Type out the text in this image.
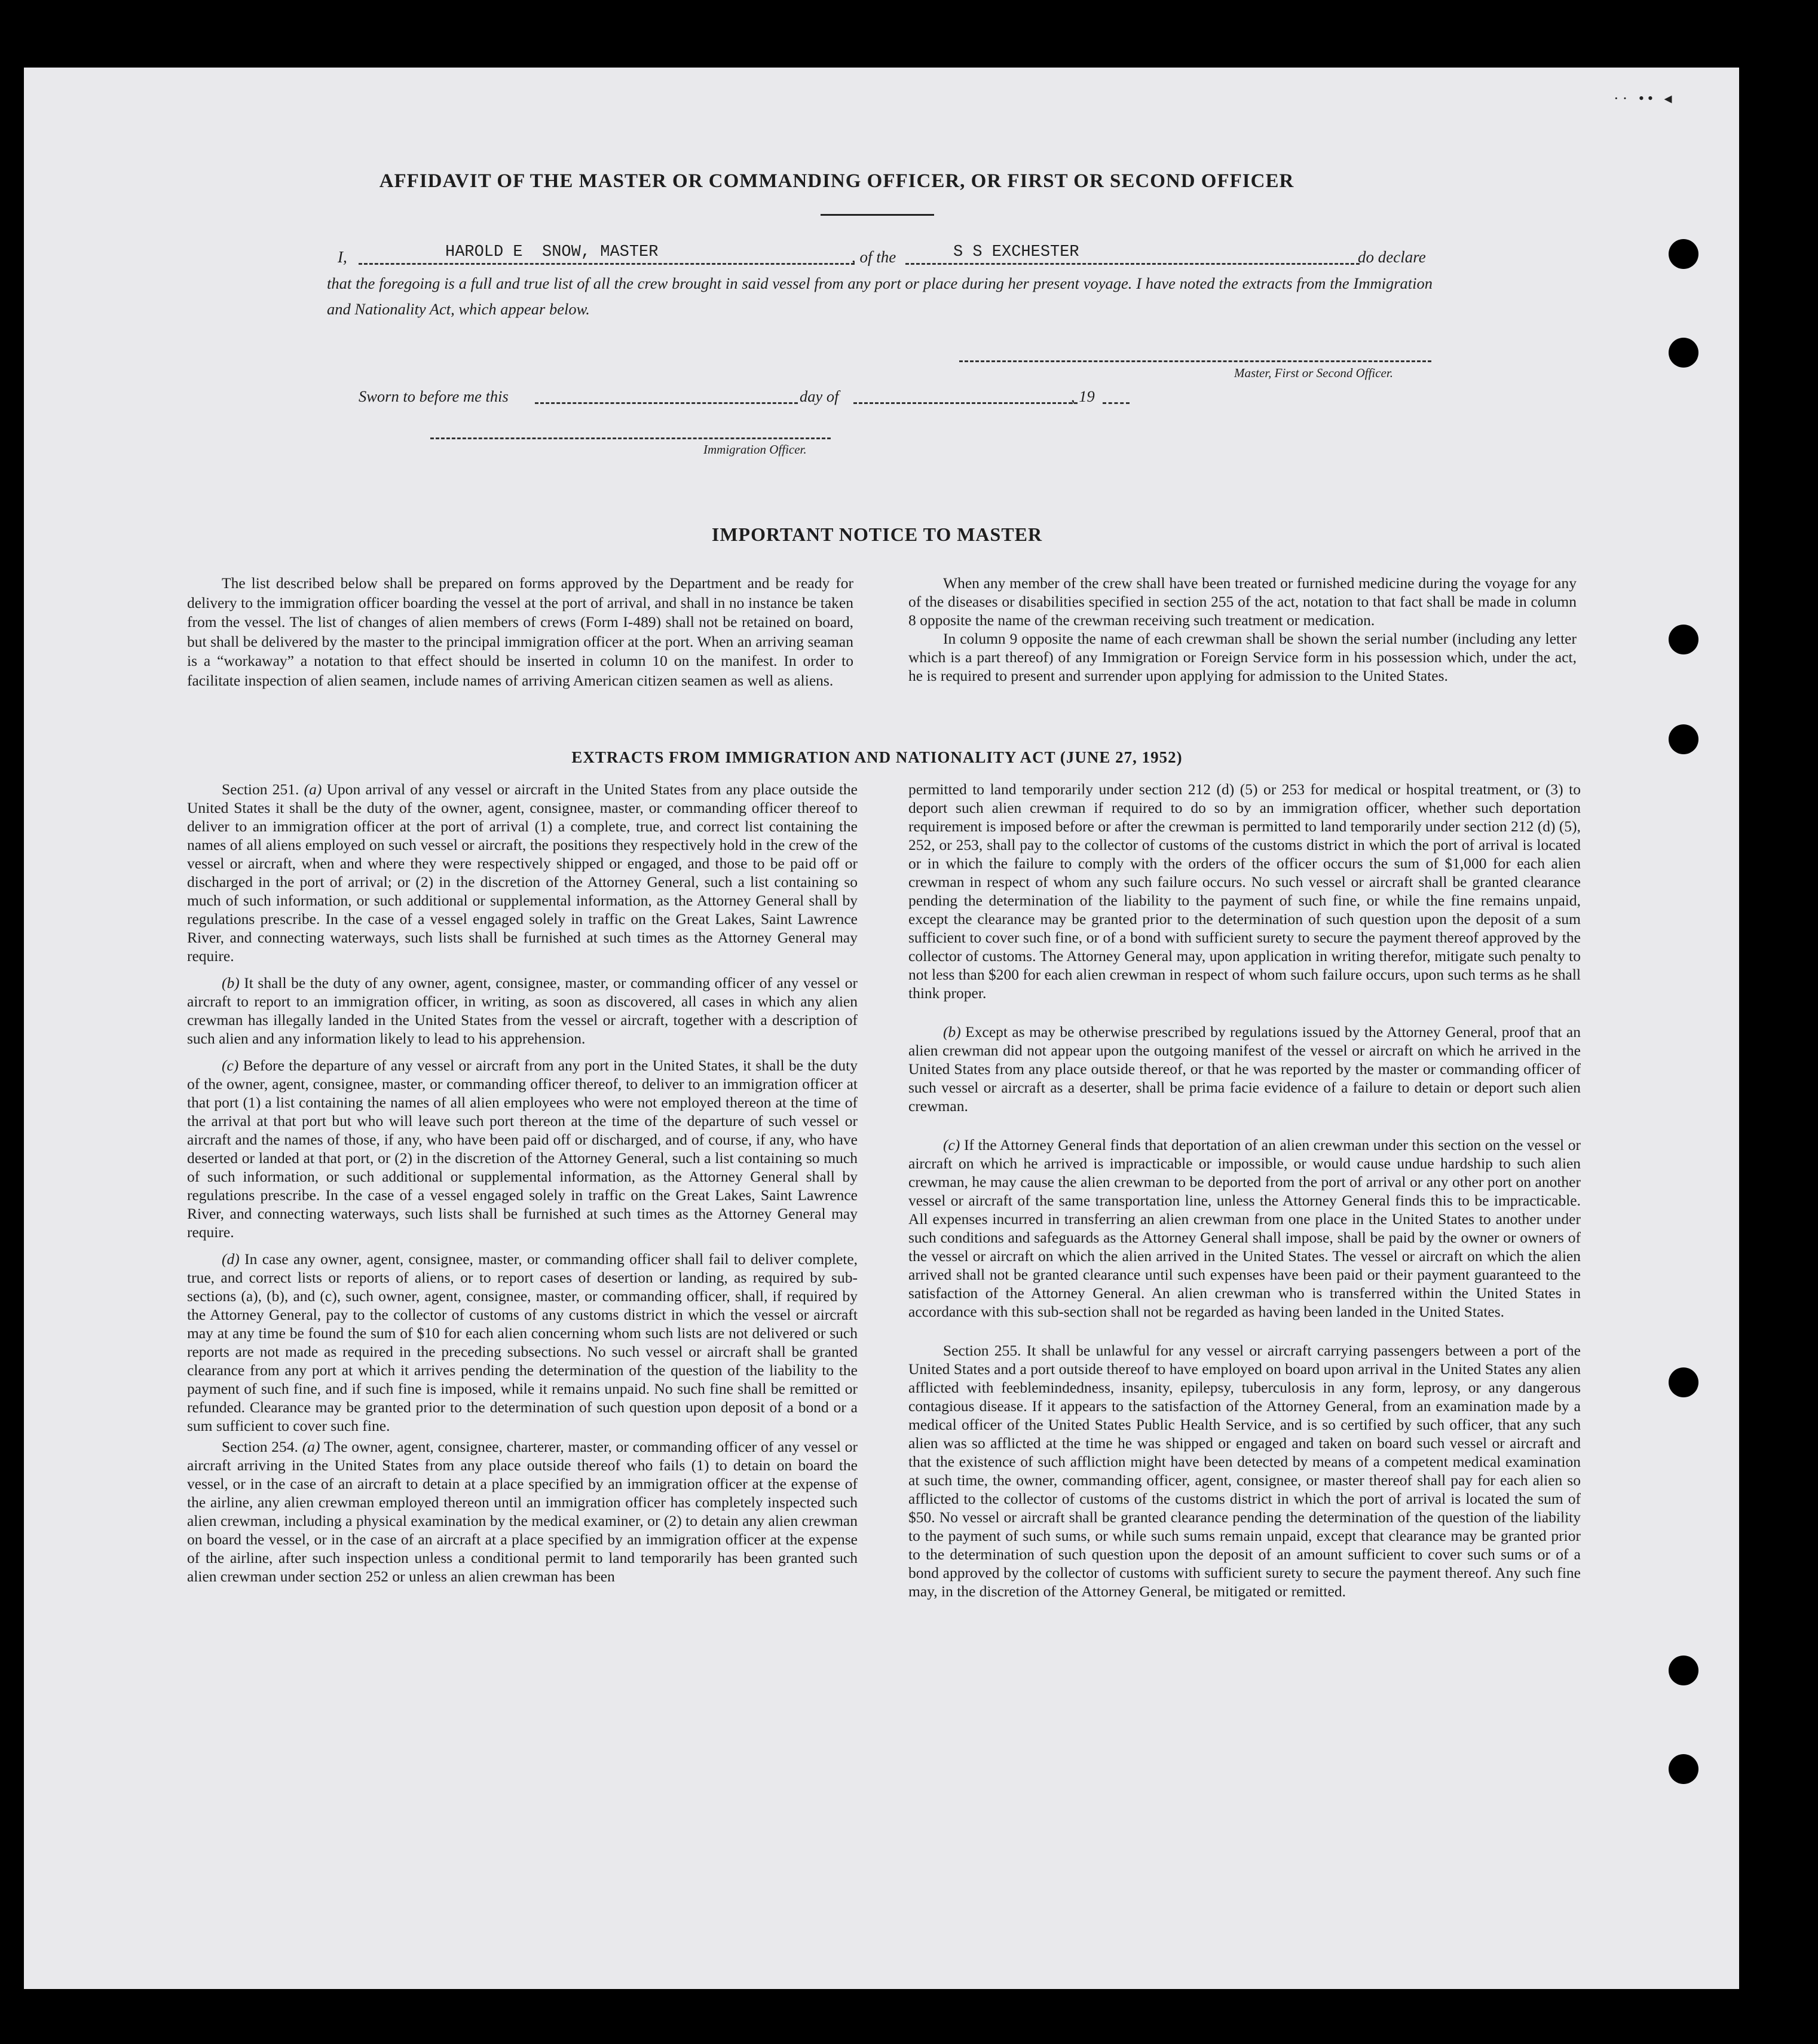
·· •• ◂
AFFIDAVIT OF THE MASTER OR COMMANDING OFFICER, OR FIRST OR SECOND OFFICER
I,	HAROLD E  SNOW, MASTER	, of the	S S EXCHESTER	do declare
that the foregoing is a full and true list of all the crew brought in said vessel from any port or place during her present voyage. I have noted the extracts from the Immigration and Nationality Act, which appear below.
Master, First or Second Officer.
Sworn to before me this	day of	, 19
Immigration Officer.
IMPORTANT NOTICE TO MASTER

The list described below shall be prepared on forms approved by the Department and be ready for delivery to the immigration officer boarding the vessel at the port of arrival, and shall in no instance be taken from the vessel. The list of changes of alien members of crews (Form I-489) shall not be retained on board, but shall be delivered by the master to the principal immigration officer at the port. When an arriving seaman is a “workaway” a notation to that effect should be inserted in column 10 on the manifest. In order to facilitate inspection of alien seamen, include names of arriving American citizen seamen as well as aliens.

When any member of the crew shall have been treated or furnished medicine during the voyage for any of the diseases or disabilities specified in section 255 of the act, notation to that fact shall be made in column 8 opposite the name of the crewman receiving such treatment or medication.

In column 9 opposite the name of each crewman shall be shown the serial number (including any letter which is a part thereof) of any Immigration or Foreign Service form in his possession which, under the act, he is required to present and surrender upon applying for admission to the United States.

EXTRACTS FROM IMMIGRATION AND NATIONALITY ACT (JUNE 27, 1952)

Section 251. (a) Upon arrival of any vessel or aircraft in the United States from any place outside the United States it shall be the duty of the owner, agent, consignee, master, or commanding officer thereof to deliver to an immigration officer at the port of arrival (1) a complete, true, and correct list containing the names of all aliens employed on such vessel or aircraft, the positions they respectively hold in the crew of the vessel or aircraft, when and where they were respectively shipped or engaged, and those to be paid off or discharged in the port of arrival; or (2) in the discretion of the Attorney General, such a list containing so much of such information, or such additional or supplemental information, as the Attorney General shall by regulations prescribe. In the case of a vessel engaged solely in traffic on the Great Lakes, Saint Lawrence River, and connecting waterways, such lists shall be furnished at such times as the Attorney General may require.

(b) It shall be the duty of any owner, agent, consignee, master, or commanding officer of any vessel or aircraft to report to an immigration officer, in writing, as soon as discovered, all cases in which any alien crewman has illegally landed in the United States from the vessel or aircraft, together with a description of such alien and any information likely to lead to his apprehension.

(c) Before the departure of any vessel or aircraft from any port in the United States, it shall be the duty of the owner, agent, consignee, master, or commanding officer thereof, to deliver to an immigration officer at that port (1) a list containing the names of all alien employees who were not employed thereon at the time of the arrival at that port but who will leave such port thereon at the time of the departure of such vessel or aircraft and the names of those, if any, who have been paid off or discharged, and of course, if any, who have deserted or landed at that port, or (2) in the discretion of the Attorney General, such a list containing so much of such information, or such additional or supplemental information, as the Attorney General shall by regulations prescribe. In the case of a vessel engaged solely in traffic on the Great Lakes, Saint Lawrence River, and connecting waterways, such lists shall be furnished at such times as the Attorney General may require.

(d) In case any owner, agent, consignee, master, or commanding officer shall fail to deliver complete, true, and correct lists or reports of aliens, or to report cases of desertion or landing, as required by sub-sections (a), (b), and (c), such owner, agent, consignee, master, or commanding officer, shall, if required by the Attorney General, pay to the collector of customs of any customs district in which the vessel or aircraft may at any time be found the sum of $10 for each alien concerning whom such lists are not delivered or such reports are not made as required in the preceding subsections. No such vessel or aircraft shall be granted clearance from any port at which it arrives pending the determination of the question of the liability to the payment of such fine, and if such fine is imposed, while it remains unpaid. No such fine shall be remitted or refunded. Clearance may be granted prior to the determination of such question upon deposit of a bond or a sum sufficient to cover such fine.

Section 254. (a) The owner, agent, consignee, charterer, master, or commanding officer of any vessel or aircraft arriving in the United States from any place outside thereof who fails (1) to detain on board the vessel, or in the case of an aircraft to detain at a place specified by an immigration officer at the expense of the airline, any alien crewman employed thereon until an immigration officer has completely inspected such alien crewman, including a physical examination by the medical examiner, or (2) to detain any alien crewman on board the vessel, or in the case of an aircraft at a place specified by an immigration officer at the expense of the airline, after such inspection unless a conditional permit to land temporarily has been granted such alien crewman under section 252 or unless an alien crewman has been

permitted to land temporarily under section 212 (d) (5) or 253 for medical or hospital treatment, or (3) to deport such alien crewman if required to do so by an immigration officer, whether such deportation requirement is imposed before or after the crewman is permitted to land temporarily under section 212 (d) (5), 252, or 253, shall pay to the collector of customs of the customs district in which the port of arrival is located or in which the failure to comply with the orders of the officer occurs the sum of $1,000 for each alien crewman in respect of whom any such failure occurs. No such vessel or aircraft shall be granted clearance pending the determination of the liability to the payment of such fine, or while the fine remains unpaid, except the clearance may be granted prior to the determination of such question upon the deposit of a sum sufficient to cover such fine, or of a bond with sufficient surety to secure the payment thereof approved by the collector of customs. The Attorney General may, upon application in writing therefor, mitigate such penalty to not less than $200 for each alien crewman in respect of whom such failure occurs, upon such terms as he shall think proper.

(b) Except as may be otherwise prescribed by regulations issued by the Attorney General, proof that an alien crewman did not appear upon the outgoing manifest of the vessel or aircraft on which he arrived in the United States from any place outside thereof, or that he was reported by the master or commanding officer of such vessel or aircraft as a deserter, shall be prima facie evidence of a failure to detain or deport such alien crewman.

(c) If the Attorney General finds that deportation of an alien crewman under this section on the vessel or aircraft on which he arrived is impracticable or impossible, or would cause undue hardship to such alien crewman, he may cause the alien crewman to be deported from the port of arrival or any other port on another vessel or aircraft of the same transportation line, unless the Attorney General finds this to be impracticable. All expenses incurred in transferring an alien crewman from one place in the United States to another under such conditions and safeguards as the Attorney General shall impose, shall be paid by the owner or owners of the vessel or aircraft on which the alien arrived in the United States. The vessel or aircraft on which the alien arrived shall not be granted clearance until such expenses have been paid or their payment guaranteed to the satisfaction of the Attorney General. An alien crewman who is transferred within the United States in accordance with this sub-section shall not be regarded as having been landed in the United States.

Section 255. It shall be unlawful for any vessel or aircraft carrying passengers between a port of the United States and a port outside thereof to have employed on board upon arrival in the United States any alien afflicted with feeblemindedness, insanity, epilepsy, tuberculosis in any form, leprosy, or any dangerous contagious disease. If it appears to the satisfaction of the Attorney General, from an examination made by a medical officer of the United States Public Health Service, and is so certified by such officer, that any such alien was so afflicted at the time he was shipped or engaged and taken on board such vessel or aircraft and that the existence of such affliction might have been detected by means of a competent medical examination at such time, the owner, commanding officer, agent, consignee, or master thereof shall pay for each alien so afflicted to the collector of customs of the customs district in which the port of arrival is located the sum of $50. No vessel or aircraft shall be granted clearance pending the determination of the question of the liability to the payment of such sums, or while such sums remain unpaid, except that clearance may be granted prior to the determination of such question upon the deposit of an amount sufficient to cover such sums or of a bond approved by the collector of customs with sufficient surety to secure the payment thereof. Any such fine may, in the discretion of the Attorney General, be mitigated or remitted.
